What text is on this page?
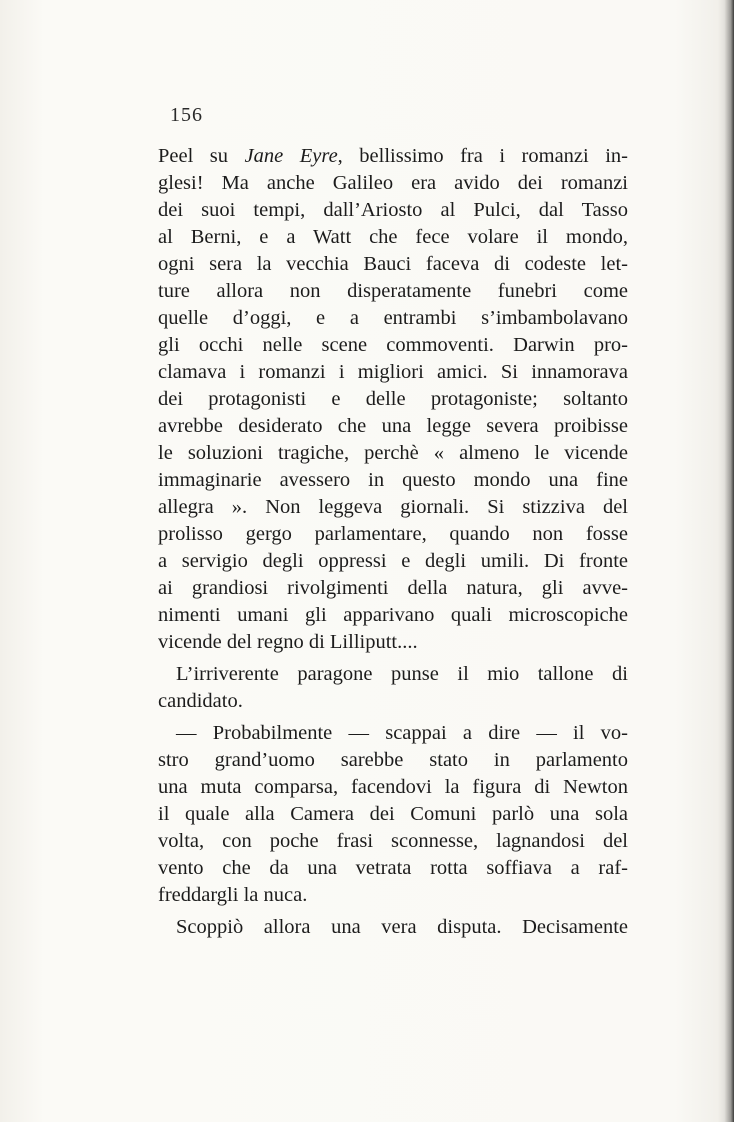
156
Peel su Jane Eyre, bellissimo fra i romanzi in-
glesi! Ma anche Galileo era avido dei romanzi
dei suoi tempi, dall’Ariosto al Pulci, dal Tasso
al Berni, e a Watt che fece volare il mondo,
ogni sera la vecchia Bauci faceva di codeste let-
ture allora non disperatamente funebri come
quelle d’oggi, e a entrambi s’imbambolavano
gli occhi nelle scene commoventi. Darwin pro-
clamava i romanzi i migliori amici. Si innamorava
dei protagonisti e delle protagoniste; soltanto
avrebbe desiderato che una legge severa proibisse
le soluzioni tragiche, perchè « almeno le vicende
immaginarie avessero in questo mondo una fine
allegra ». Non leggeva giornali. Si stizziva del
prolisso gergo parlamentare, quando non fosse
a servigio degli oppressi e degli umili. Di fronte
ai grandiosi rivolgimenti della natura, gli avve-
nimenti umani gli apparivano quali microscopiche
vicende del regno di Lilliputt....
L’irriverente paragone punse il mio tallone di
candidato.
— Probabilmente — scappai a dire — il vo-
stro grand’uomo sarebbe stato in parlamento
una muta comparsa, facendovi la figura di Newton
il quale alla Camera dei Comuni parlò una sola
volta, con poche frasi sconnesse, lagnandosi del
vento che da una vetrata rotta soffiava a raf-
freddargli la nuca.
Scoppiò allora una vera disputa. Decisamente
